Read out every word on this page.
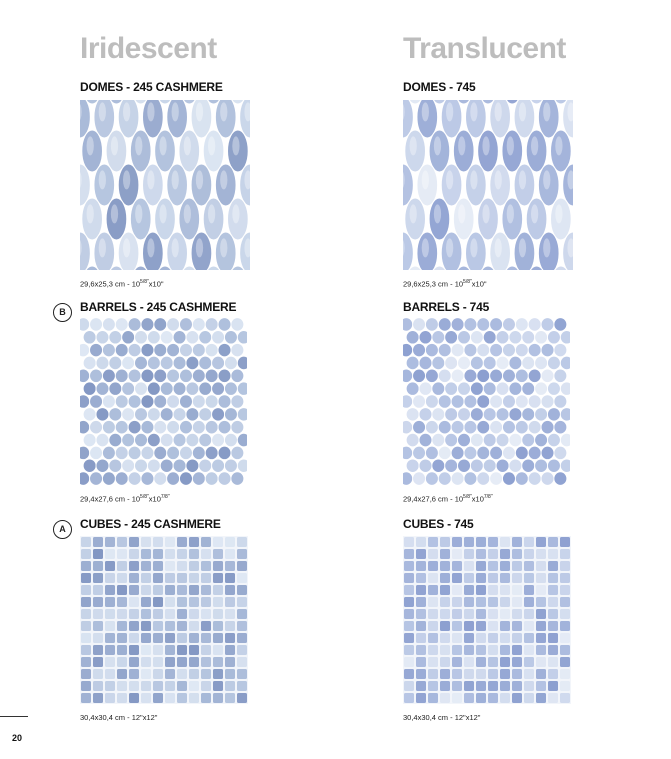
Iridescent	Translucent
DOMES - 245 CASHMERE
29,6x25,3 cm - $10^{5/8"}x10$"
DOMES - 745
29,6x25,3 cm - $10^{5/8"}x10$"
B	BARRELS - 245 CASHMERE
29,4x27,6 cm - $10^{5/8"}x10^{7/8"}$
BARRELS - 745
29,4x27,6 cm - $10^{5/8"}x10^{7/8"}$
A	CUBES - 245 CASHMERE
30,4x30,4 cm - 12"x12"
CUBES - 745
30,4x30,4 cm - 12"x12"
20
